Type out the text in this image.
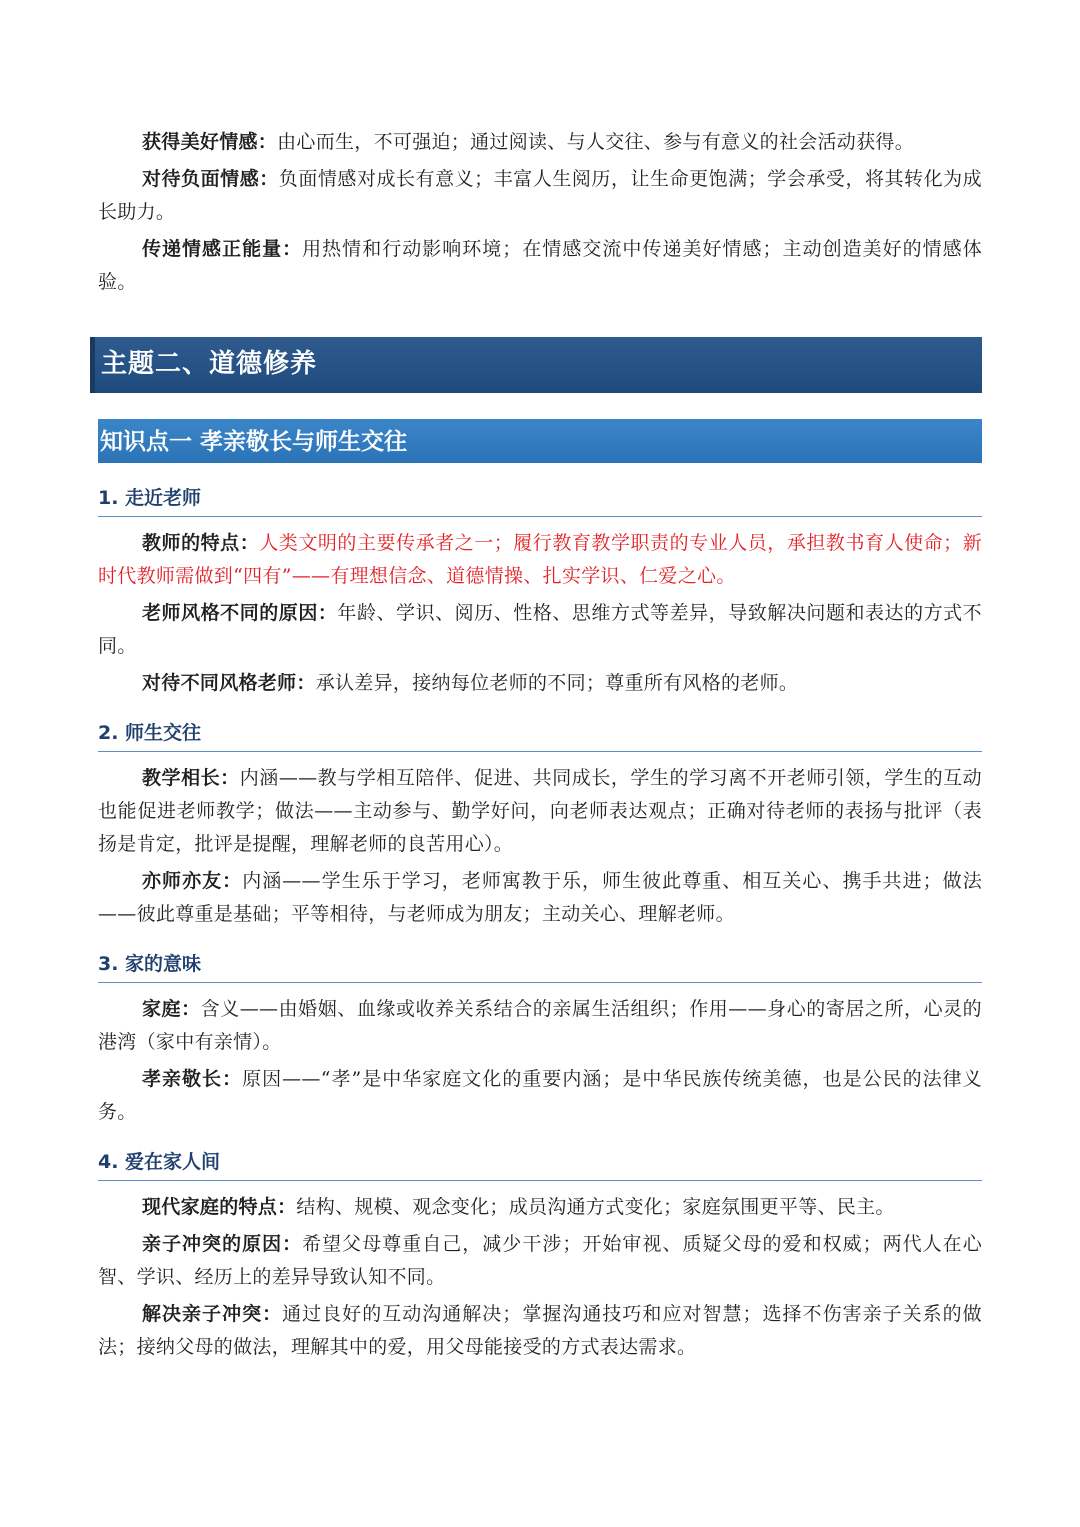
获得美好情感：由心而生，不可强迫；通过阅读、与人交往、参与有意义的社会活动获得。

对待负面情感：负面情感对成长有意义；丰富人生阅历，让生命更饱满；学会承受，将其转化为成长助力。

传递情感正能量：用热情和行动影响环境；在情感交流中传递美好情感；主动创造美好的情感体验。

主题二、道德修养
知识点一 孝亲敬长与师生交往
1. 走近老师

教师的特点：人类文明的主要传承者之一；履行教育教学职责的专业人员，承担教书育人使命；新时代教师需做到“四有”——有理想信念、道德情操、扎实学识、仁爱之心。

老师风格不同的原因：年龄、学识、阅历、性格、思维方式等差异，导致解决问题和表达的方式不同。

对待不同风格老师：承认差异，接纳每位老师的不同；尊重所有风格的老师。

2. 师生交往

教学相长：内涵——教与学相互陪伴、促进、共同成长，学生的学习离不开老师引领，学生的互动也能促进老师教学；做法——主动参与、勤学好问，向老师表达观点；正确对待老师的表扬与批评（表扬是肯定，批评是提醒，理解老师的良苦用心）。

亦师亦友：内涵——学生乐于学习，老师寓教于乐，师生彼此尊重、相互关心、携手共进；做法——彼此尊重是基础；平等相待，与老师成为朋友；主动关心、理解老师。

3. 家的意味

家庭：含义——由婚姻、血缘或收养关系结合的亲属生活组织；作用——身心的寄居之所，心灵的港湾（家中有亲情）。

孝亲敬长：原因——“孝”是中华家庭文化的重要内涵；是中华民族传统美德，也是公民的法律义务。

4. 爱在家人间

现代家庭的特点：结构、规模、观念变化；成员沟通方式变化；家庭氛围更平等、民主。

亲子冲突的原因：希望父母尊重自己，减少干涉；开始审视、质疑父母的爱和权威；两代人在心智、学识、经历上的差异导致认知不同。

解决亲子冲突：通过良好的互动沟通解决；掌握沟通技巧和应对智慧；选择不伤害亲子关系的做法；接纳父母的做法，理解其中的爱，用父母能接受的方式表达需求。
